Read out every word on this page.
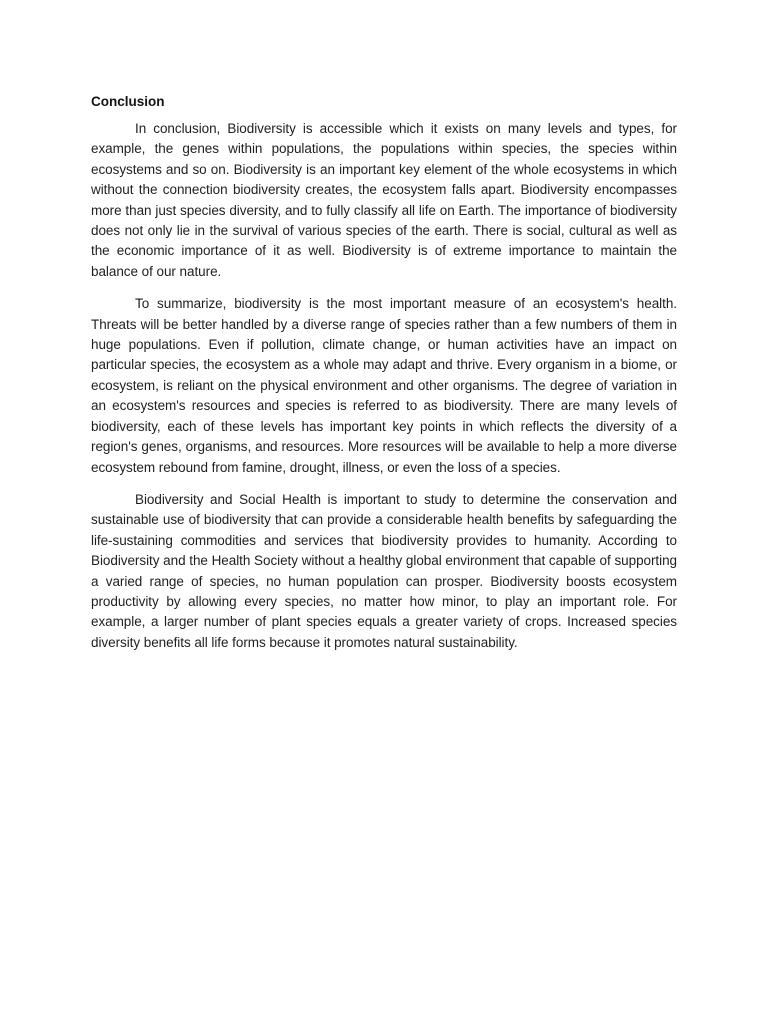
Conclusion

In conclusion, Biodiversity is accessible which it exists on many levels and types, for example, the genes within populations, the populations within species, the species within ecosystems and so on. Biodiversity is an important key element of the whole ecosystems in which without the connection biodiversity creates, the ecosystem falls apart. Biodiversity encompasses more than just species diversity, and to fully classify all life on Earth. The importance of biodiversity does not only lie in the survival of various species of the earth. There is social, cultural as well as the economic importance of it as well. Biodiversity is of extreme importance to maintain the balance of our nature.

To summarize, biodiversity is the most important measure of an ecosystem's health. Threats will be better handled by a diverse range of species rather than a few numbers of them in huge populations. Even if pollution, climate change, or human activities have an impact on particular species, the ecosystem as a whole may adapt and thrive. Every organism in a biome, or ecosystem, is reliant on the physical environment and other organisms. The degree of variation in an ecosystem's resources and species is referred to as biodiversity. There are many levels of biodiversity, each of these levels has important key points in which reflects the diversity of a region's genes, organisms, and resources. More resources will be available to help a more diverse ecosystem rebound from famine, drought, illness, or even the loss of a species.

Biodiversity and Social Health is important to study to determine the conservation and sustainable use of biodiversity that can provide a considerable health benefits by safeguarding the life-sustaining commodities and services that biodiversity provides to humanity. According to Biodiversity and the Health Society without a healthy global environment that capable of supporting a varied range of species, no human population can prosper. Biodiversity boosts ecosystem productivity by allowing every species, no matter how minor, to play an important role. For example, a larger number of plant species equals a greater variety of crops. Increased species diversity benefits all life forms because it promotes natural sustainability.
